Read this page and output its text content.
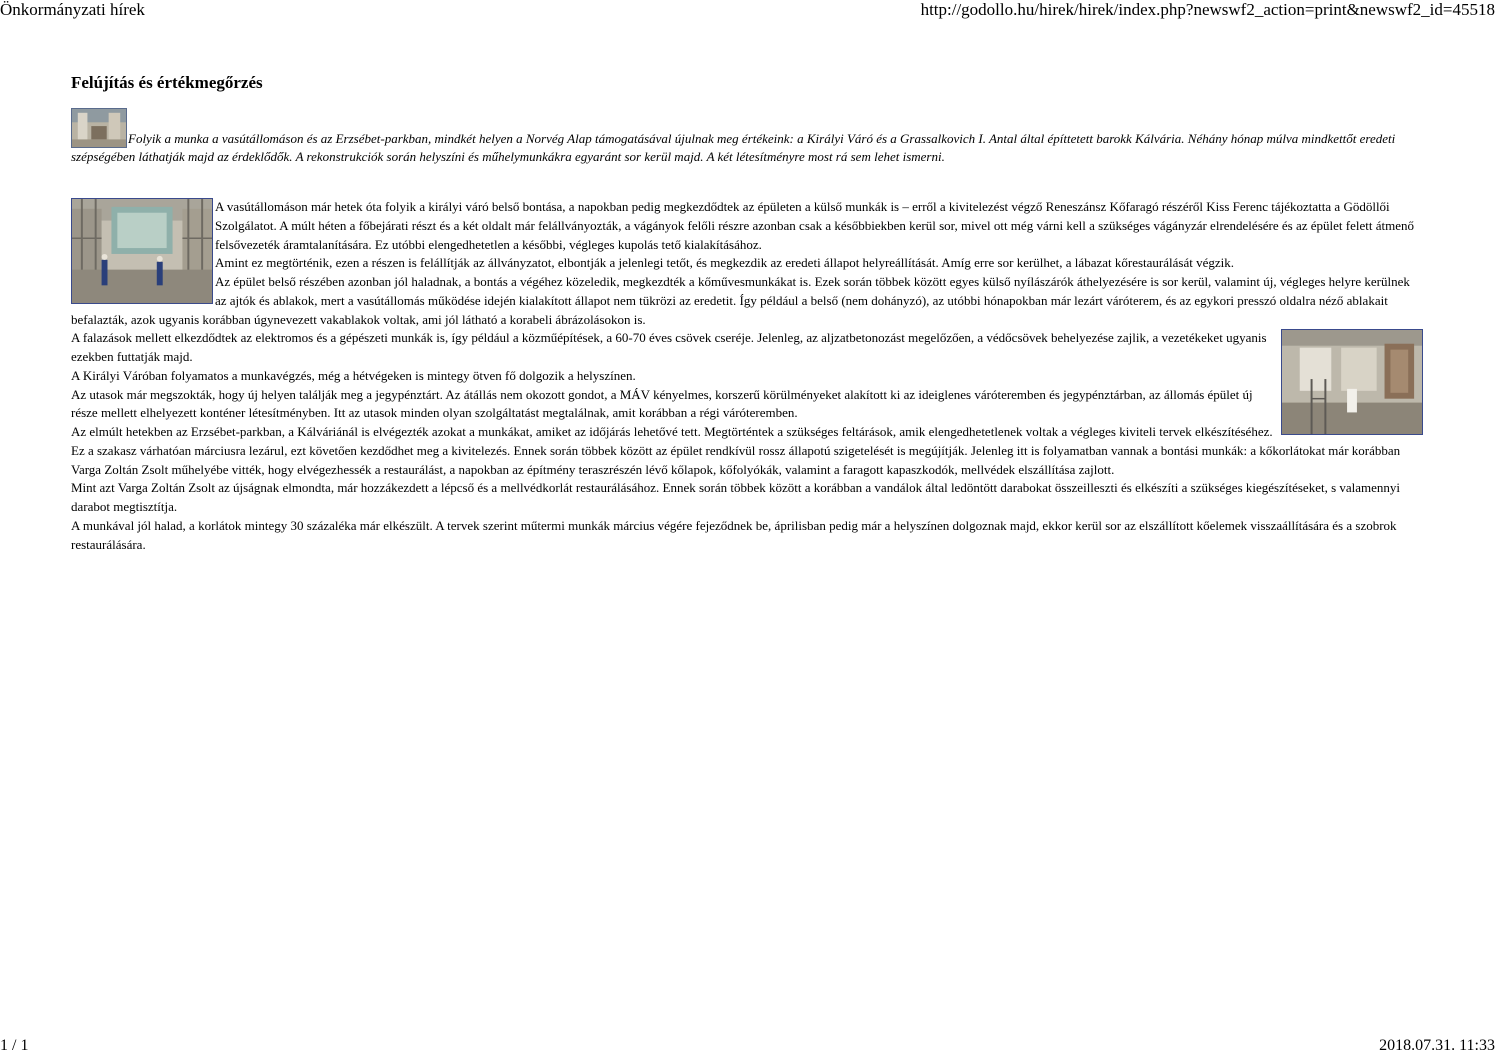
Önkormányzati hírek	http://godollo.hu/hirek/hirek/index.php?newswf2_action=print&newswf2_id=45518
Felújítás és értékmegőrzés
Folyik a munka a vasútállomáson és az Erzsébet-parkban, mindkét helyen a Norvég Alap támogatásával újulnak meg értékeink: a Királyi Váró és a Grassalkovich I. Antal által építtetett barokk Kálvária. Néhány hónap múlva mindkettőt eredeti szépségében láthatják majd az érdeklődők. A rekonstrukciók során helyszíni és műhelymunkákra egyaránt sor kerül majd. A két létesítményre most rá sem lehet ismerni.

A vasútállomáson már hetek óta folyik a királyi váró belső bontása, a napokban pedig megkezdődtek az épületen a külső munkák is – erről a kivitelezést végző Reneszánsz Kőfaragó részéről Kiss Ferenc tájékoztatta a Gödöllői Szolgálatot. A múlt héten a főbejárati részt és a két oldalt már felállványozták, a vágányok felőli részre azonban csak a későbbiekben kerül sor, mivel ott még várni kell a szükséges vágányzár elrendelésére és az épület felett átmenő felsővezeték áramtalanítására. Ez utóbbi elengedhetetlen a későbbi, végleges kupolás tető kialakításához.

Amint ez megtörténik, ezen a részen is felállítják az állványzatot, elbontják a jelenlegi tetőt, és megkezdik az eredeti állapot helyreállítását. Amíg erre sor kerülhet, a lábazat kőrestaurálását végzik.

Az épület belső részében azonban jól haladnak, a bontás a végéhez közeledik, megkezdték a kőművesmunkákat is. Ezek során többek között egyes külső nyílászárók áthelyezésére is sor kerül, valamint új, végleges helyre kerülnek az ajtók és ablakok, mert a vasútállomás működése idején kialakított állapot nem tükrözi az eredetit. Így például a belső (nem dohányzó), az utóbbi hónapokban már lezárt váróterem, és az egykori presszó oldalra néző ablakait befalazták, azok ugyanis korábban úgynevezett vakablakok voltak, ami jól látható a korabeli ábrázolásokon is.

A falazások mellett elkezdődtek az elektromos és a gépészeti munkák is, így például a közműépítések, a 60-70 éves csövek cseréje. Jelenleg, az aljzatbetonozást megelőzően, a védőcsövek behelyezése zajlik, a vezetékeket ugyanis ezekben futtatják majd.

A Királyi Váróban folyamatos a munkavégzés, még a hétvégeken is mintegy ötven fő dolgozik a helyszínen.

Az utasok már megszokták, hogy új helyen találják meg a jegypénztárt. Az átállás nem okozott gondot, a MÁV kényelmes, korszerű körülményeket alakított ki az ideiglenes váróteremben és jegypénztárban, az állomás épület új része mellett elhelyezett konténer létesítményben. Itt az utasok minden olyan szolgáltatást megtalálnak, amit korábban a régi váróteremben.

Az elmúlt hetekben az Erzsébet-parkban, a Kálváriánál is elvégezték azokat a munkákat, amiket az időjárás lehetővé tett. Megtörténtek a szükséges feltárások, amik elengedhetetlenek voltak a végleges kiviteli tervek elkészítéséhez. Ez a szakasz várhatóan márciusra lezárul, ezt követően kezdődhet meg a kivitelezés. Ennek során többek között az épület rendkívül rossz állapotú szigetelését is megújítják. Jelenleg itt is folyamatban vannak a bontási munkák: a kőkorlátokat már korábban Varga Zoltán Zsolt műhelyébe vitték, hogy elvégezhessék a restaurálást, a napokban az építmény teraszrészén lévő kőlapok, kőfolyókák, valamint a faragott kapaszkodók, mellvédek elszállítása zajlott.

Mint azt Varga Zoltán Zsolt az újságnak elmondta, már hozzákezdett a lépcső és a mellvédkorlát restaurálásához. Ennek során többek között a korábban a vandálok által ledöntött darabokat összeilleszti és elkészíti a szükséges kiegészítéseket, s valamennyi darabot megtisztítja.

A munkával jól halad, a korlátok mintegy 30 százaléka már elkészült. A tervek szerint műtermi munkák március végére fejeződnek be, áprilisban pedig már a helyszínen dolgoznak majd, ekkor kerül sor az elszállított kőelemek visszaállítására és a szobrok restaurálására.

1 / 1	2018.07.31. 11:33
